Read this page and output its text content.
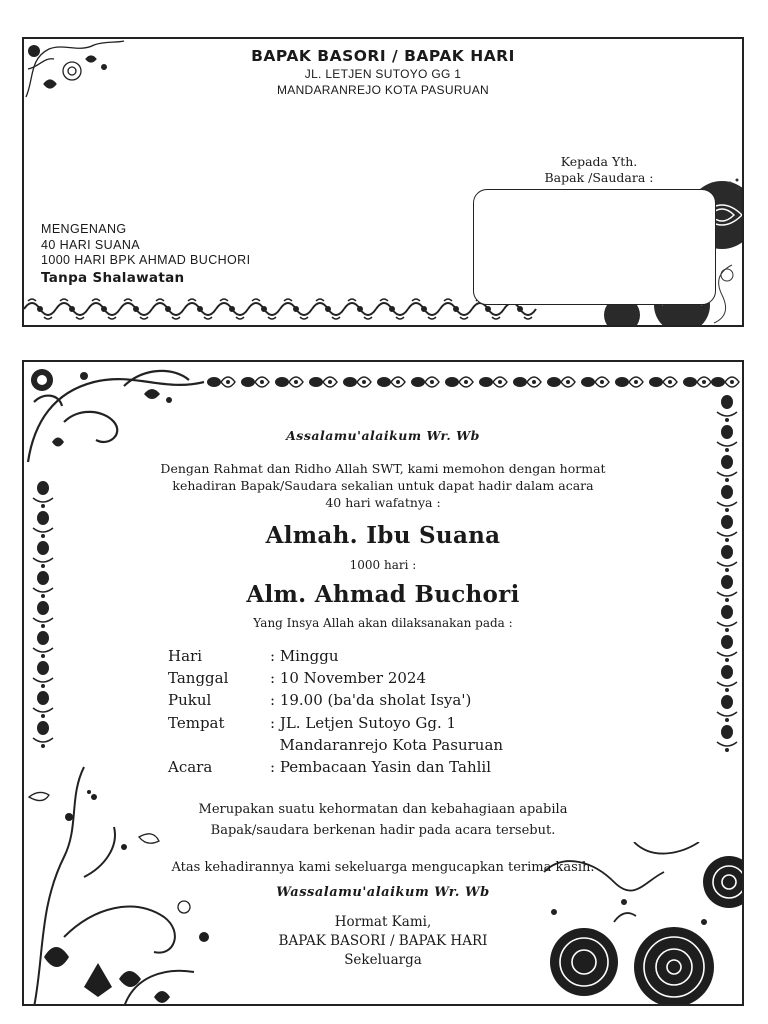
BAPAK BASORI / BAPAK HARI
JL. LETJEN SUTOYO GG 1
MANDARANREJO KOTA PASURUAN
Kepada Yth.
Bapak /Saudara :
MENGENANG
40 HARI SUANA
1000 HARI BPK AHMAD BUCHORI
Tanpa Shalawatan
Assalamu'alaikum Wr. Wb
Dengan Rahmat dan Ridho Allah SWT, kami memohon dengan hormat
kehadiran Bapak/Saudara sekalian untuk dapat hadir dalam acara
40 hari wafatnya :
Almah. Ibu Suana
1000 hari :
Alm. Ahmad Buchori
Yang Insya Allah akan dilaksanakan pada :
Hari	: Minggu
Tanggal	: 10 November 2024
Pukul	: 19.00 (ba'da sholat Isya')
Tempat	: JL. Letjen Sutoyo Gg. 1
Mandaranrejo Kota Pasuruan
Acara	: Pembacaan Yasin dan Tahlil
Merupakan suatu kehormatan dan kebahagiaan apabila
Bapak/saudara berkenan hadir pada acara tersebut.
Atas kehadirannya kami sekeluarga mengucapkan terima kasih.
Wassalamu'alaikum Wr. Wb
Hormat Kami,
BAPAK BASORI / BAPAK HARI
Sekeluarga
